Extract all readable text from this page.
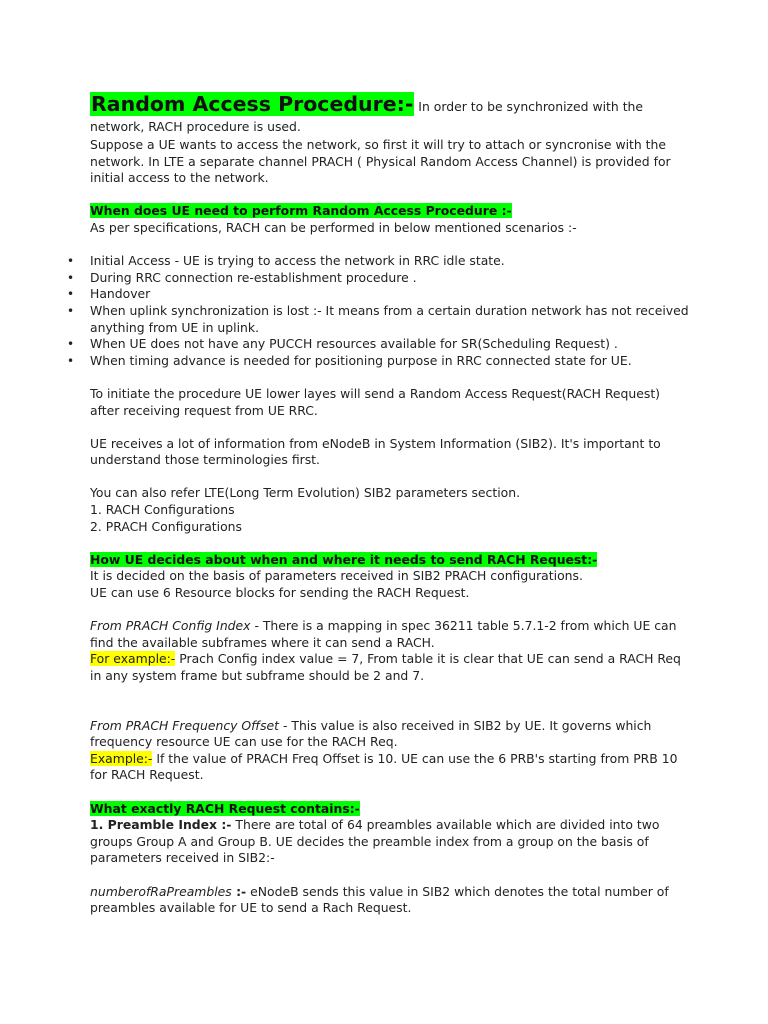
Random Access Procedure:- In order to be synchronized with the network, RACH procedure is used.

Suppose a UE wants to access the network, so first it will try to attach or syncronise with the network. In LTE a separate channel PRACH ( Physical Random Access Channel) is provided for initial access to the network.

When does UE need to perform Random Access Procedure :-

As per specifications, RACH can be performed in below mentioned scenarios :-

• Initial Access - UE is trying to access the network in RRC idle state.
• During RRC connection re-establishment procedure .
• Handover
• When uplink synchronization is lost :- It means from a certain duration network has not received anything from UE in uplink.
• When UE does not have any PUCCH resources available for SR(Scheduling Request) .
• When timing advance is needed for positioning purpose in RRC connected state for UE.

To initiate the procedure UE lower layes will send a Random Access Request(RACH Request) after receiving request from UE RRC.

UE receives a lot of information from eNodeB in System Information (SIB2). It's important to understand those terminologies first.

You can also refer LTE(Long Term Evolution) SIB2 parameters section.

1. RACH Configurations

2. PRACH Configurations

How UE decides about when and where it needs to send RACH Request:-

It is decided on the basis of parameters received in SIB2 PRACH configurations.

UE can use 6 Resource blocks for sending the RACH Request.

From PRACH Config Index - There is a mapping in spec 36211 table 5.7.1-2 from which UE can find the available subframes where it can send a RACH.

For example:- Prach Config index value = 7, From table it is clear that UE can send a RACH Req in any system frame but subframe should be 2 and 7.

From PRACH Frequency Offset - This value is also received in SIB2 by UE. It governs which frequency resource UE can use for the RACH Req.

Example:- If the value of PRACH Freq Offset is 10. UE can use the 6 PRB's starting from PRB 10 for RACH Request.

What exactly RACH Request contains:-

1. Preamble Index :- There are total of 64 preambles available which are divided into two groups Group A and Group B. UE decides the preamble index from a group on the basis of parameters received in SIB2:-

numberofRaPreambles :- eNodeB sends this value in SIB2 which denotes the total number of preambles available for UE to send a Rach Request.
